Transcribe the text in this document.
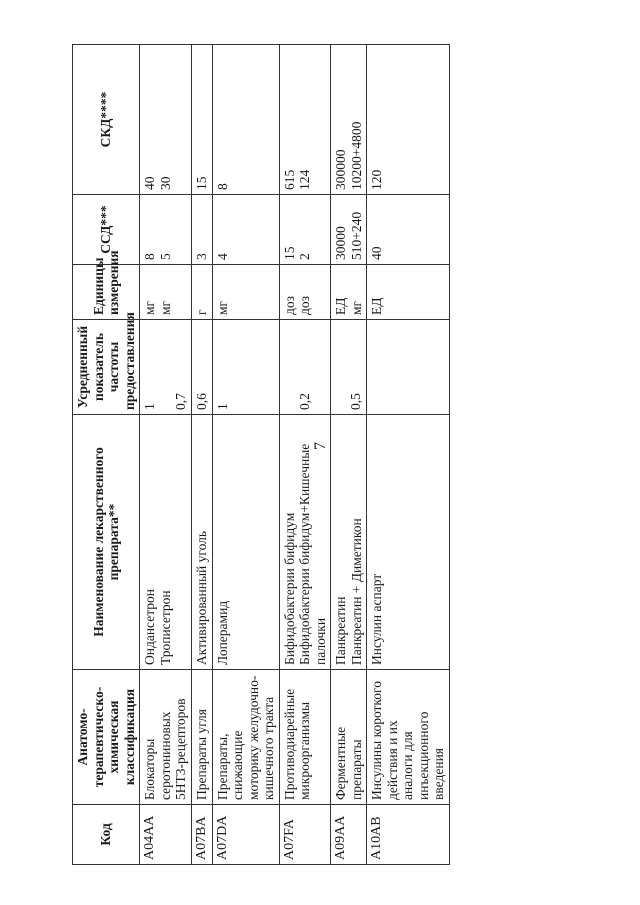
7
Код	Анатомо-терапевтическо-химическая классификация	Наименование лекарственного препарата**	Усредненный показатель частоты предоставления	Единицы измерения	ССД***	СКД****

A04AA	Блокаторы серотониновых 5НТ3-рецепторов	Ондансетрон Трописетрон	1 0,7	мг мг	8 5	40 30

A07BA	Препараты угля	Активированный уголь	0,6	г	3	15

A07DA	Препараты, снижающие моторику желудочно-кишечного тракта	Лоперамид	1	мг	4	8

A07FA	Противодиарейные микроорганизмы	Бифидобактерии бифидум Бифидобактерии бифидум+Кишечные палочки	0,2	доз доз	15 2	615 124

A09AA	Ферментные препараты	Панкреатин Панкреатин + Диметикон	0,5	ЕД мг	30000 510+240	300000 10200+4800

A10AB	Инсулины короткого действия и их аналоги для инъекционного введения	Инсулин аспарт		ЕД	40	120
